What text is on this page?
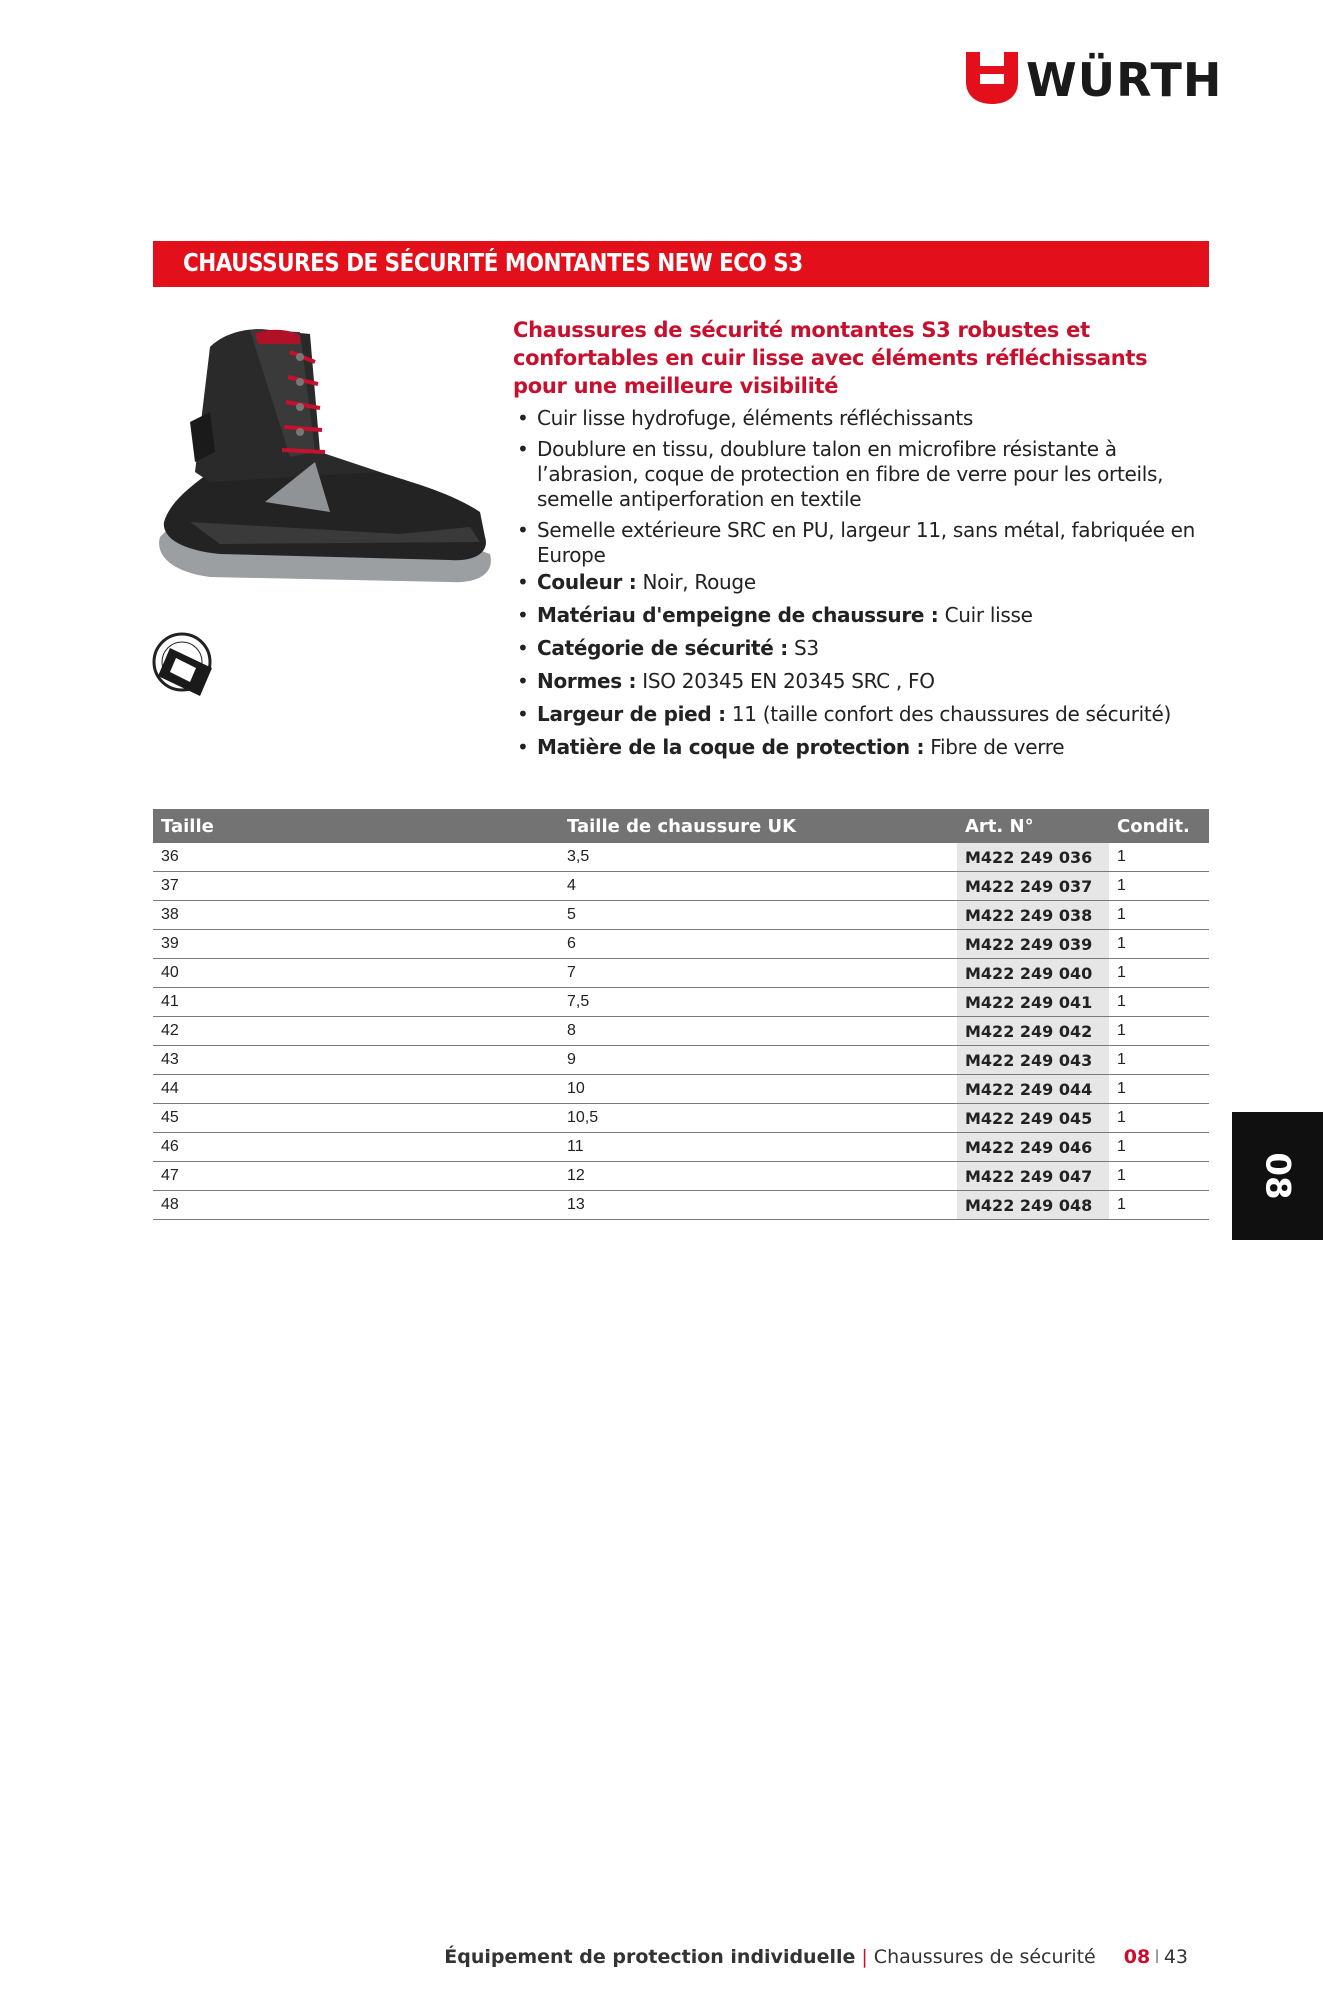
WÜRTH
CHAUSSURES DE SÉCURITÉ MONTANTES NEW ECO S3
Chaussures de sécurité montantes S3 robustes et confortables en cuir lisse avec éléments réfléchissants pour une meilleure visibilité
• Cuir lisse hydrofuge, éléments réfléchissants
• Doublure en tissu, doublure talon en microfibre résistante à l’abrasion, coque de protection en fibre de verre pour les orteils, semelle antiperforation en textile
• Semelle extérieure SRC en PU, largeur 11, sans métal, fabriquée en Europe
• Couleur : Noir, Rouge
• Matériau d'empeigne de chaussure : Cuir lisse
• Catégorie de sécurité : S3
• Normes : ISO 20345 EN 20345 SRC , FO
• Largeur de pied : 11 (taille confort des chaussures de sécurité)
• Matière de la coque de protection : Fibre de verre
Taille	Taille de chaussure UK	Art. N°	Condit.
36	3,5	M422 249 036	1
37	4	M422 249 037	1
38	5	M422 249 038	1
39	6	M422 249 039	1
40	7	M422 249 040	1
41	7,5	M422 249 041	1
42	8	M422 249 042	1
43	9	M422 249 043	1
44	10	M422 249 044	1
45	10,5	M422 249 045	1
46	11	M422 249 046	1
47	12	M422 249 047	1
48	13	M422 249 048	1
08
Équipement de protection individuelle | Chaussures de sécurité 08 I 43
